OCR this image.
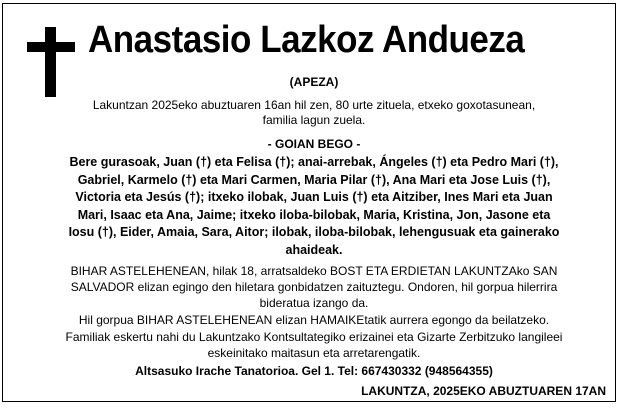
Anastasio Lazkoz Andueza
(APEZA)
Lakuntzan 2025eko abuztuaren 16an hil zen, 80 urte zituela, etxeko goxotasunean,
familia lagun zuela.
- GOIAN BEGO -
Bere gurasoak, Juan (†) eta Felisa (†); anai-arrebak, Ángeles (†) eta Pedro Mari (†),
Gabriel, Karmelo (†) eta Mari Carmen, Maria Pilar (†), Ana Mari eta Jose Luis (†),
Victoria eta Jesús (†); itxeko ilobak, Juan Luis (†) eta Aitziber, Ines Mari eta Juan
Mari, Isaac eta Ana, Jaime; itxeko iloba-bilobak, Maria, Kristina, Jon, Jasone eta
Iosu (†), Eider, Amaia, Sara, Aitor; ilobak, iloba-bilobak, lehengusuak eta gainerako
ahaideak.
BIHAR ASTELEHENEAN, hilak 18, arratsaldeko BOST ETA ERDIETAN LAKUNTZAko SAN
SALVADOR elizan egingo den hiletara gonbidatzen zaituztegu. Ondoren, hil gorpua hilerrira
bideratua izango da.
Hil gorpua BIHAR ASTELEHENEAN elizan HAMAIKEtatik aurrera egongo da beilatzeko.
Familiak eskertu nahi du Lakuntzako Kontsultategiko erizainei eta Gizarte Zerbitzuko langileei
eskeinitako maitasun eta arretarengatik.
Altsasuko Irache Tanatorioa. Gel 1. Tel: 667430332 (948564355)
LAKUNTZA, 2025EKO ABUZTUAREN 17AN
